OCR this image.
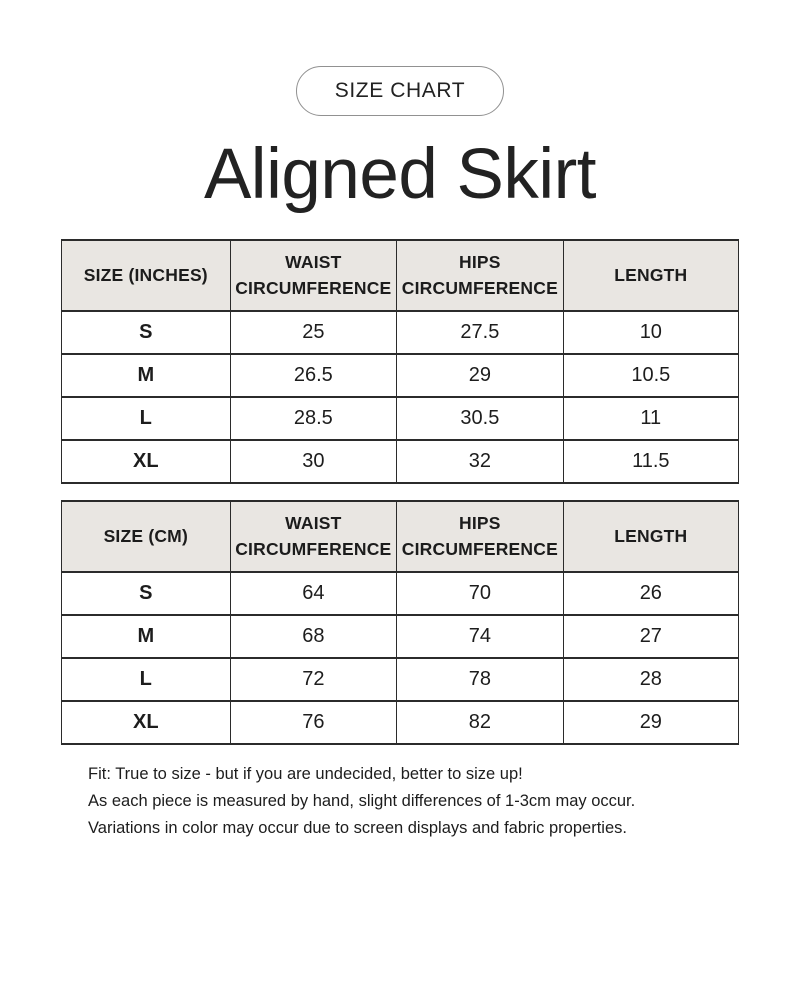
SIZE CHART
Aligned Skirt
SIZE (INCHES)	WAIST CIRCUMFERENCE	HIPS CIRCUMFERENCE	LENGTH
S	25	27.5	10
M	26.5	29	10.5
L	28.5	30.5	11
XL	30	32	11.5
SIZE (CM)	WAIST CIRCUMFERENCE	HIPS CIRCUMFERENCE	LENGTH
S	64	70	26
M	68	74	27
L	72	78	28
XL	76	82	29
Fit: True to size - but if you are undecided, better to size up!
As each piece is measured by hand, slight differences of 1-3cm may occur.
Variations in color may occur due to screen displays and fabric properties.
